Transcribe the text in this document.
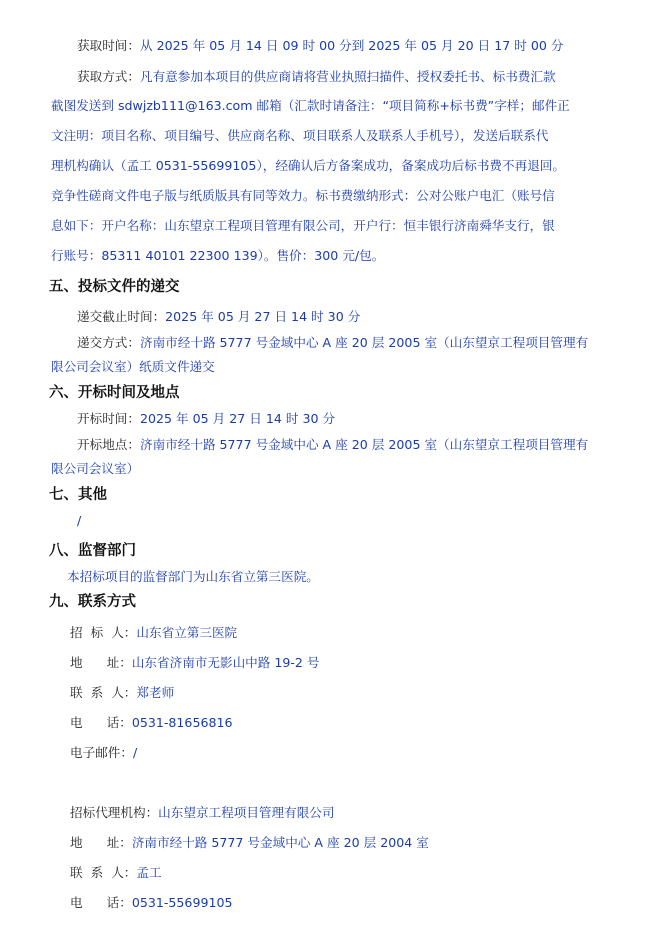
获取时间：从 2025 年 05 月 14 日 09 时 00 分到 2025 年 05 月 20 日 17 时 00 分
获取方式：凡有意参加本项目的供应商请将营业执照扫描件、授权委托书、标书费汇款
截图发送到 sdwjzb111@163.com 邮箱（汇款时请备注：“项目简称+标书费”字样；邮件正
文注明：项目名称、项目编号、供应商名称、项目联系人及联系人手机号），发送后联系代
理机构确认（孟工 0531-55699105），经确认后方备案成功，备案成功后标书费不再退回。
竞争性磋商文件电子版与纸质版具有同等效力。标书费缴纳形式：公对公账户电汇（账号信
息如下：开户名称：山东望京工程项目管理有限公司，开户行：恒丰银行济南舜华支行，银
行账号：85311 40101 22300 139）。售价：300 元/包。
五、投标文件的递交
递交截止时间：2025 年 05 月 27 日 14 时 30 分
递交方式：济南市经十路 5777 号金域中心 A 座 20 层 2005 室（山东望京工程项目管理有
限公司会议室）纸质文件递交
六、开标时间及地点
开标时间：2025 年 05 月 27 日 14 时 30 分
开标地点：济南市经十路 5777 号金域中心 A 座 20 层 2005 室（山东望京工程项目管理有
限公司会议室）
七、其他
/
八、监督部门
本招标项目的监督部门为山东省立第三医院。
九、联系方式
招  标  人：山东省立第三医院
地      址：山东省济南市无影山中路 19-2 号
联  系  人：郑老师
电      话：0531-81656816
电子邮件：/
招标代理机构：山东望京工程项目管理有限公司
地      址：济南市经十路 5777 号金域中心 A 座 20 层 2004 室
联  系  人：孟工
电      话：0531-55699105
